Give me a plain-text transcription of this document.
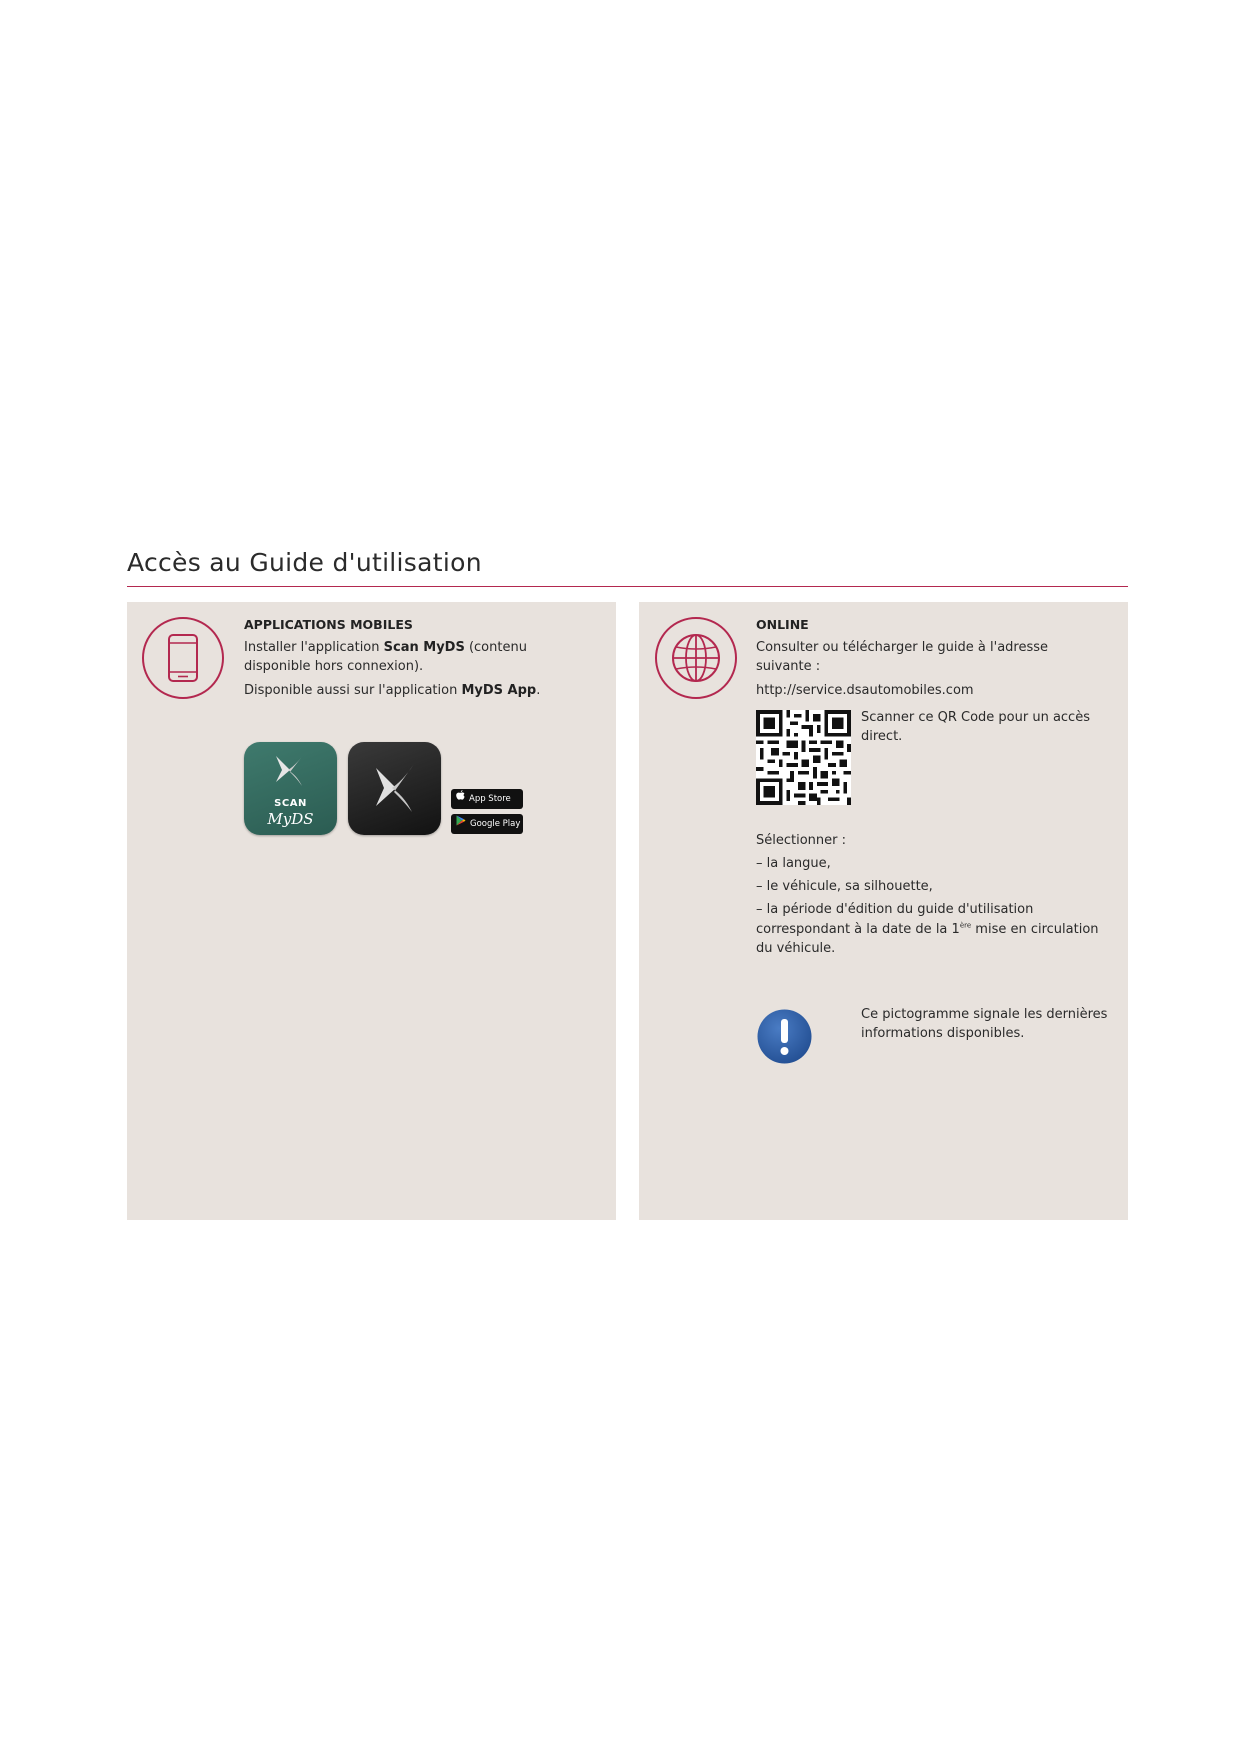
Accès au Guide d'utilisation
APPLICATIONS MOBILES

Installer l'application Scan MyDS (contenu disponible hors connexion).

Disponible aussi sur l'application MyDS App.

SCAN
MyDS
App Store
Google Play
ONLINE

Consulter ou télécharger le guide à l'adresse suivante :

http://service.dsautomobiles.com

Scanner ce QR Code pour un accès direct.
Sélectionner :
– la langue,
– le véhicule, sa silhouette,
– la période d'édition du guide d'utilisation correspondant à la date de la 1ère mise en circulation du véhicule.
Ce pictogramme signale les dernières informations disponibles.
